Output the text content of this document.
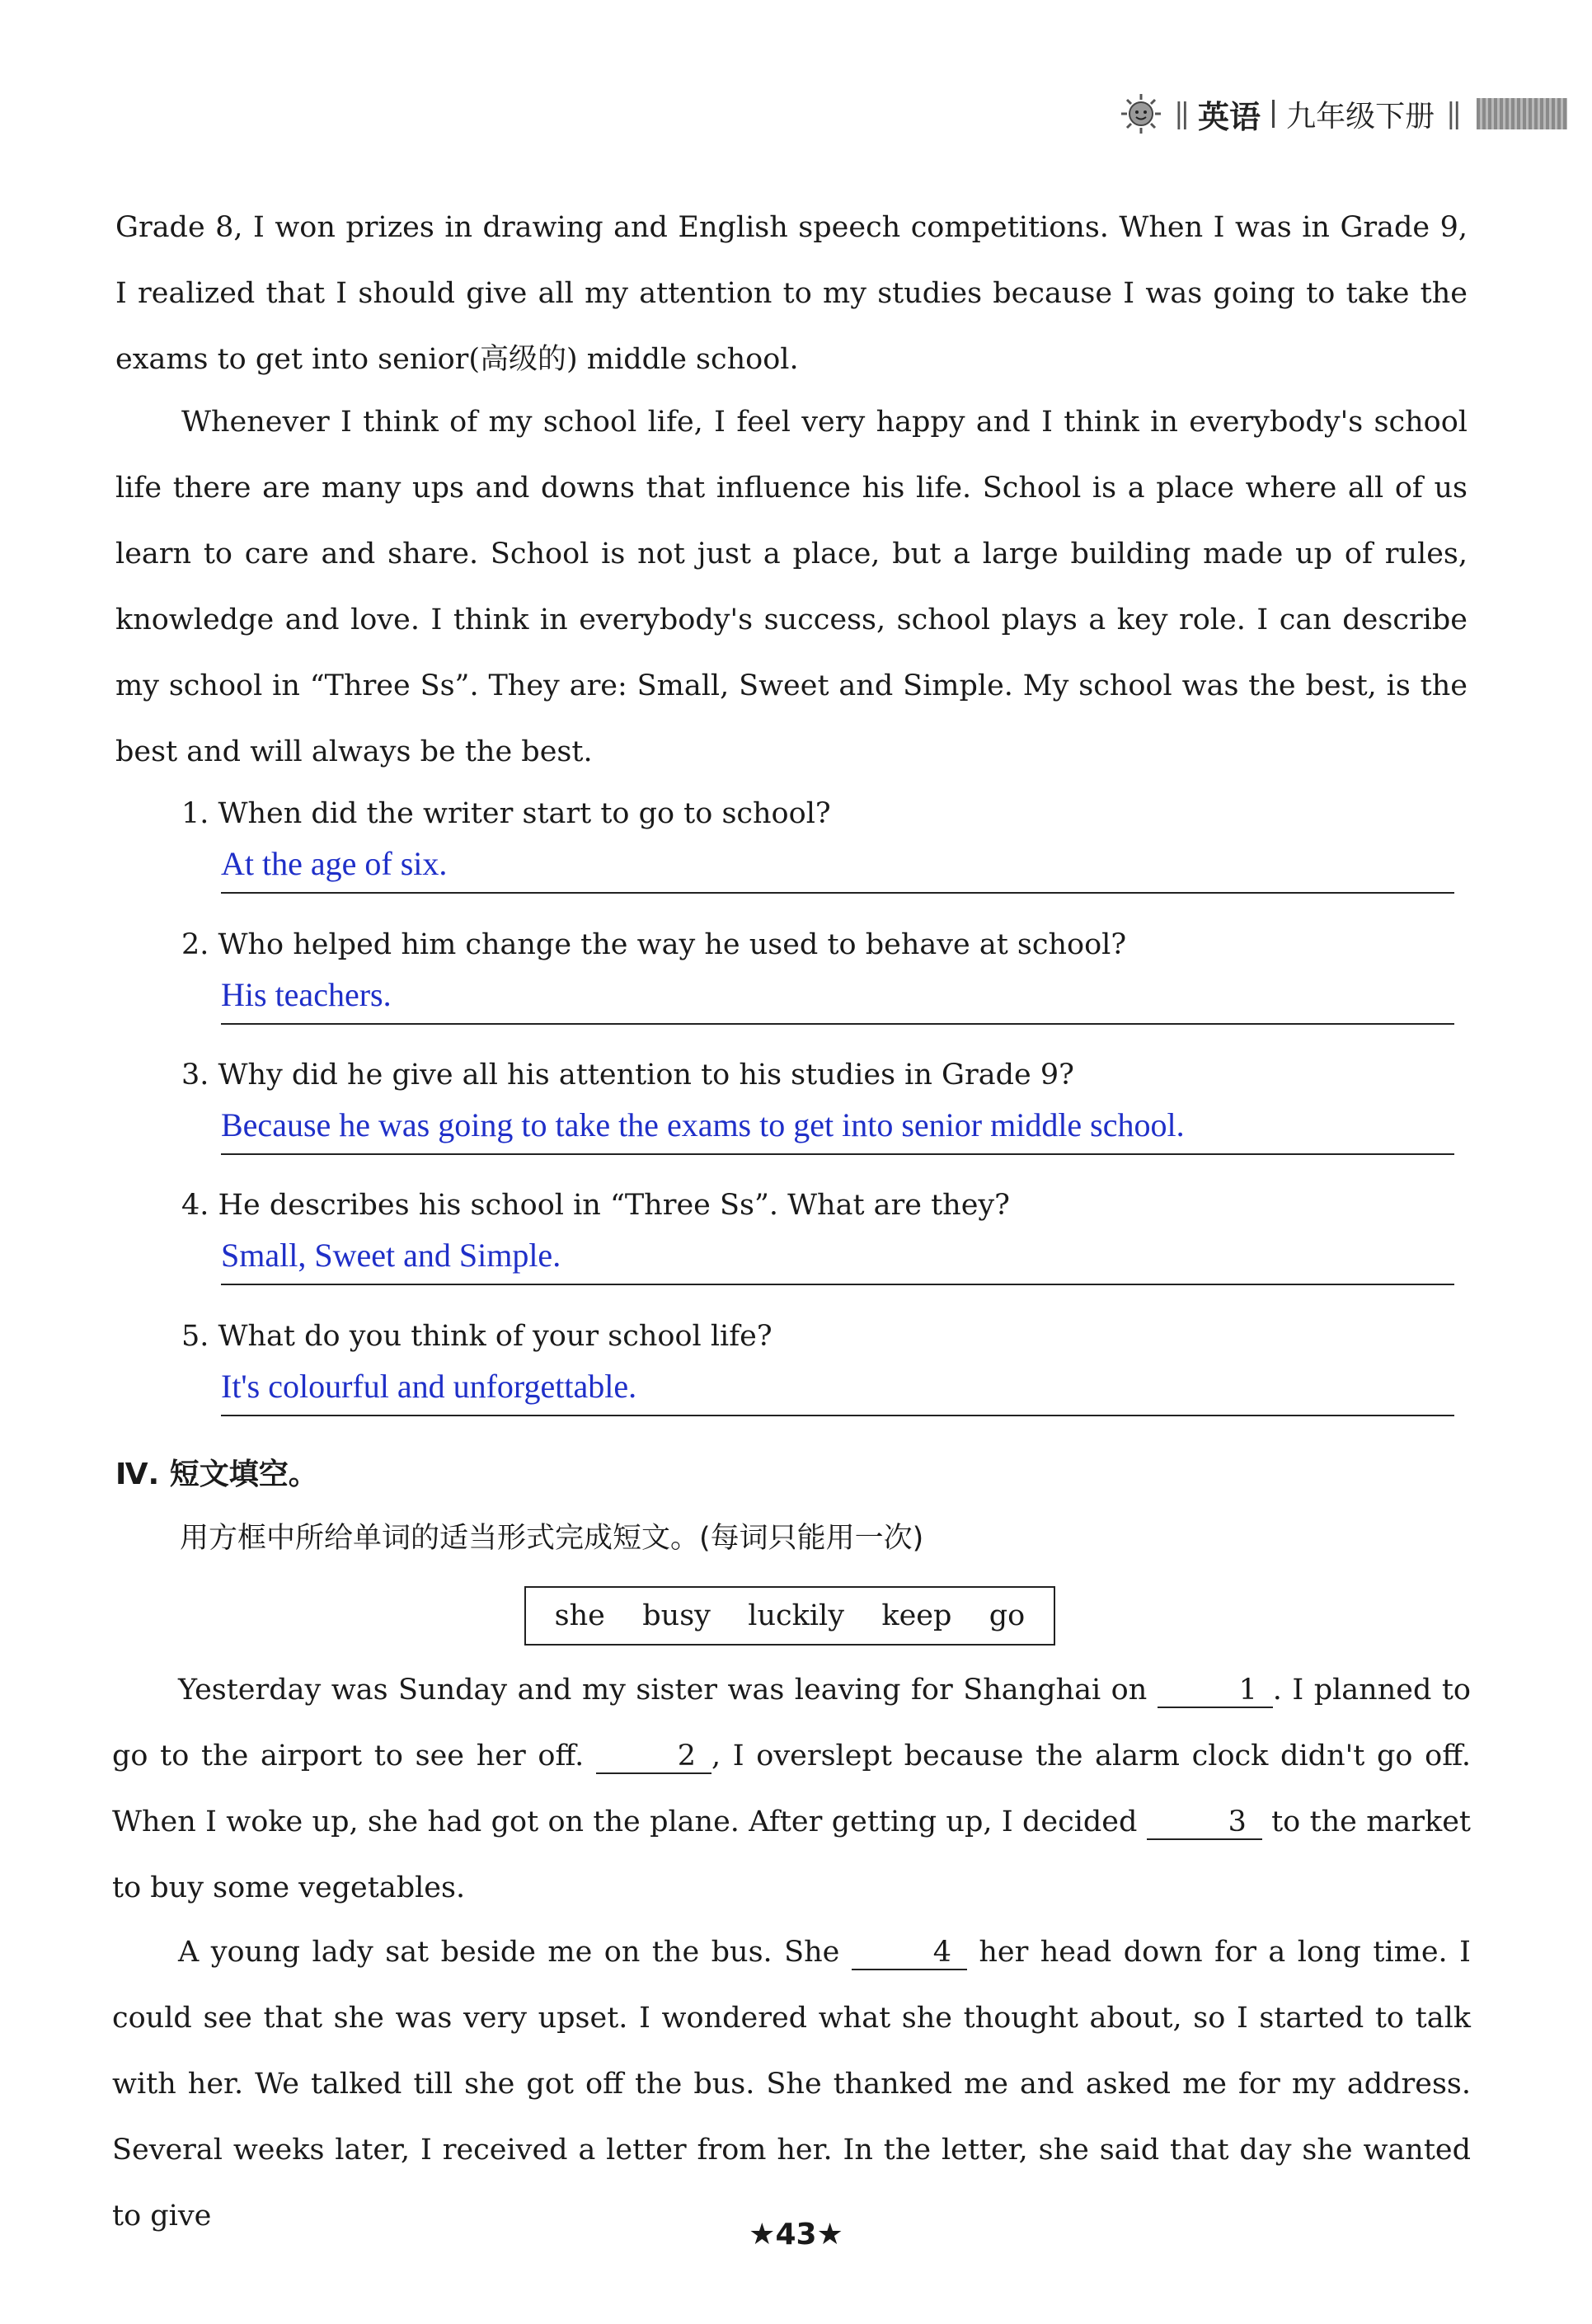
|| 英语 九年级下册 ||
Grade 8, I won prizes in drawing and English speech competitions. When I was in Grade 9, I realized that I should give all my attention to my studies because I was going to take the exams to get into senior(高级的) middle school.
Whenever I think of my school life, I feel very happy and I think in everybody's school life there are many ups and downs that influence his life. School is a place where all of us learn to care and share. School is not just a place, but a large building made up of rules, knowledge and love. I think in everybody's success, school plays a key role. I can describe my school in “Three Ss”. They are: Small, Sweet and Simple. My school was the best, is the best and will always be the best.
1. When did the writer start to go to school?
At the age of six.
2. Who helped him change the way he used to behave at school?
His teachers.
3. Why did he give all his attention to his studies in Grade 9?
Because he was going to take the exams to get into senior middle school.
4. He describes his school in “Three Ss”. What are they?
Small, Sweet and Simple.
5. What do you think of your school life?
It's colourful and unforgettable.
Ⅳ. 短文填空。
用方框中所给单词的适当形式完成短文。(每词只能用一次)
she busy luckily keep go
Yesterday was Sunday and my sister was leaving for Shanghai on	1 . I planned to go to the airport to see her off.	2 , I overslept because the alarm clock didn't go off. When I woke up, she had got on the plane. After getting up, I decided	3 to the market to buy some vegetables.
A young lady sat beside me on the bus. She	4 her head down for a long time. I could see that she was very upset. I wondered what she thought about, so I started to talk with her. We talked till she got off the bus. She thanked me and asked me for my address. Several weeks later, I received a letter from her. In the letter, she said that day she wanted to give
★43★
